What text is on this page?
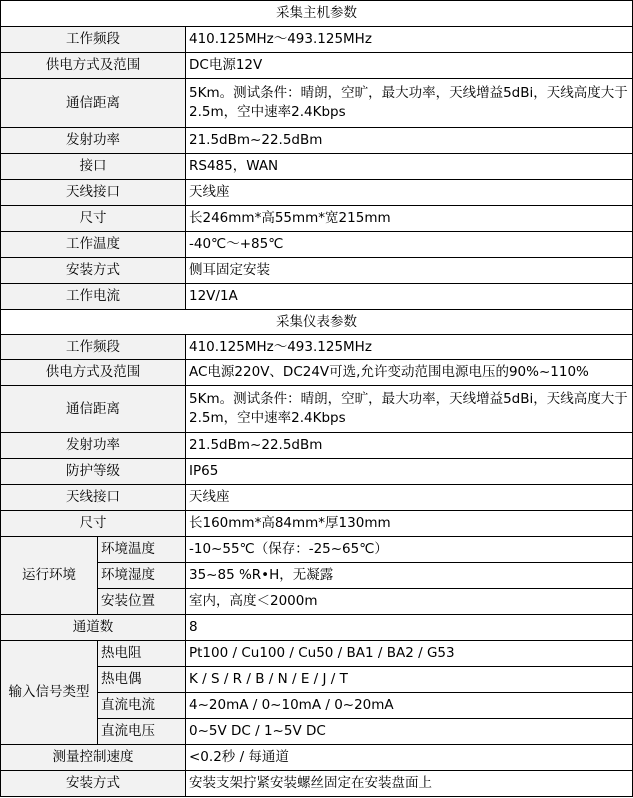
采集主机参数		
工作频段		410.125MHz～493.125MHz
供电方式及范围		DC电源12V
通信距离		5Km。测试条件：晴朗，空旷，最大功率，天线增益5dBi，天线高度大于2.5m，空中速率2.4Kbps
发射功率		21.5dBm~22.5dBm
接口		RS485，WAN
天线接口		天线座
尺寸		长246mm*高55mm*宽215mm
工作温度		-40℃～+85℃
安装方式		侧耳固定安装
工作电流		12V/1A
采集仪表参数		
工作频段		410.125MHz～493.125MHz
供电方式及范围		AC电源220V、DC24V可选,允许变动范围电源电压的90%~110%
通信距离		5Km。测试条件：晴朗，空旷，最大功率，天线增益5dBi，天线高度大于2.5m，空中速率2.4Kbps
发射功率		21.5dBm~22.5dBm
防护等级		IP65
天线接口		天线座
尺寸		长160mm*高84mm*厚130mm
运行环境	环境温度	-10~55℃（保存：-25~65℃）
	环境湿度	35~85 %R•H，无凝露
	安装位置	室内，高度＜2000m
通道数		8
输入信号类型	热电阻	Pt100 / Cu100 / Cu50 / BA1 / BA2 / G53
	热电偶	K / S / R / B / N / E / J / T
	直流电流	4~20mA / 0~10mA / 0~20mA
	直流电压	0~5V DC / 1~5V DC
测量控制速度		<0.2秒 / 每通道
安装方式		安装支架拧紧安装螺丝固定在安装盘面上
